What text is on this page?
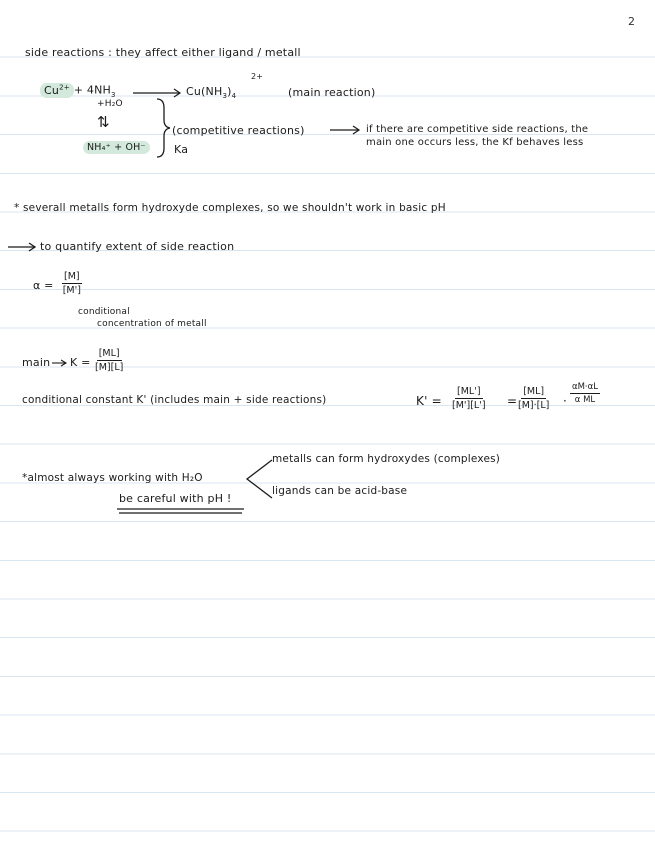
2
side reactions : they affect either ligand / metall
$Cu^{2+} + 4NH_3 \to Cu(NH_3)_4$
2+
(main reaction)
+H₂O
⇅
NH₄⁺ + OH⁻
(competitive reactions)
Ka
if there are competitive side reactions, the
main one occurs less, the Kf behaves less
* severall metalls form hydroxyde complexes, so we shouldn't work in basic pH
to quantify extent of side reaction
$\alpha = \frac{[M]}{[M']}$
conditional
concentration of metall
main $K = \frac{[ML]}{[M][L]}$
conditional constant K' (includes main + side reactions)	$K' = \frac{[ML']}{[M'][L']} = \frac{[ML]}{[M]\cdot[L]} \cdot \frac{\alpha M\cdot\alpha L}{\text{α ML}}$
*almost always working with H₂O
metalls can form hydroxydes (complexes)
ligands can be acid-base
be careful with pH !
